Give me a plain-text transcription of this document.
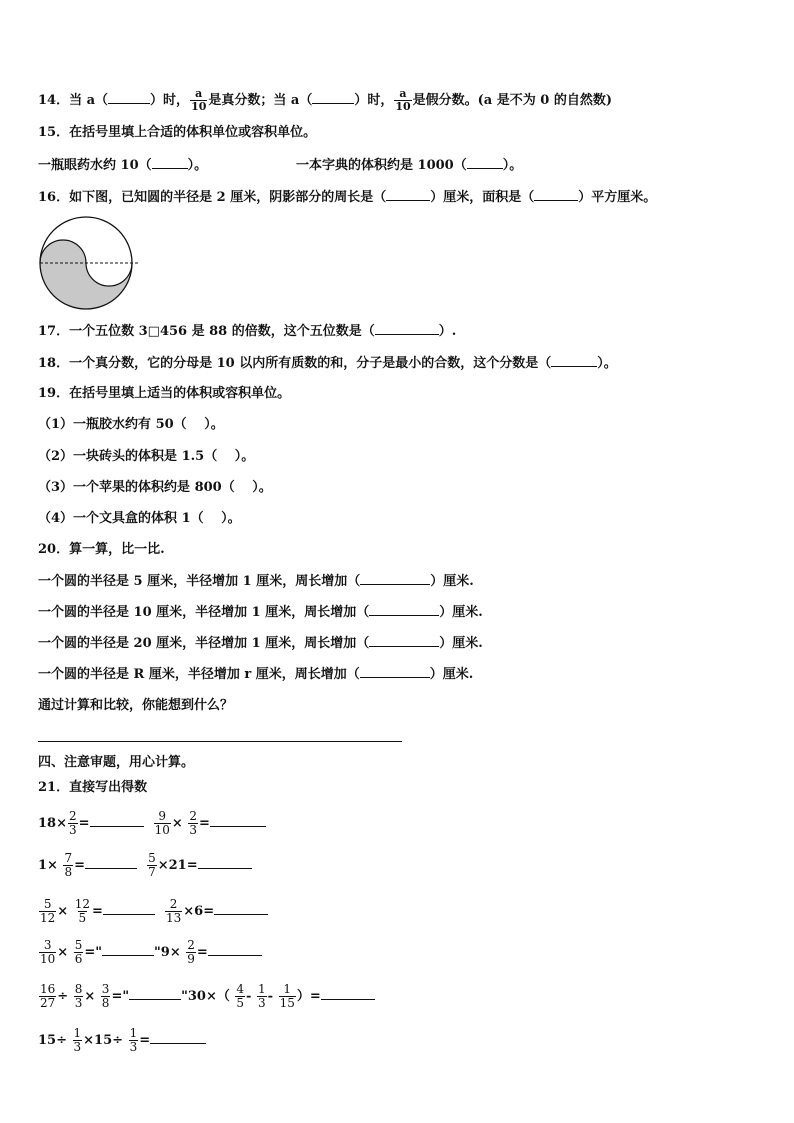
14．当 a（	）时， $\frac{a}{10}$ 是真分数；当 a（	）时， $\frac{a}{10}$ 是假分数。(a 是不为 0 的自然数)
15．在括号里填上合适的体积单位或容积单位。
一瓶眼药水约 10（	）。	一本字典的体积约是 1000（	）。
16．如下图，已知圆的半径是 2 厘米，阴影部分的周长是（	）厘米，面积是（	）平方厘米。
17．一个五位数 3□456 是 88 的倍数，这个五位数是（	）.
18．一个真分数，它的分母是 10 以内所有质数的和，分子是最小的合数，这个分数是（	）。
19．在括号里填上适当的体积或容积单位。
（1）一瓶胶水约有 50（　 ）。
（2）一块砖头的体积是 1.5（　 ）。
（3）一个苹果的体积约是 800（　 ）。
（4）一个文具盒的体积 1（　 ）。
20．算一算，比一比.
一个圆的半径是 5 厘米，半径增加 1 厘米，周长增加（	）厘米.
一个圆的半径是 10 厘米，半径增加 1 厘米，周长增加（	）厘米.
一个圆的半径是 20 厘米，半径增加 1 厘米，周长增加（	）厘米.
一个圆的半径是 R 厘米，半径增加 r 厘米，周长增加（	）厘米.
通过计算和比较，你能想到什么？
四、注意审题，用心计算。
21．直接写出得数
$18\times \frac{2}{3}$ =	$\frac{9}{10} \times \frac{2}{3}$ =
$1\times \frac{7}{8}$ =	$\frac{5}{7} \times 21=$
$\frac{5}{12} \times \frac{12}{5}$ =	$\frac{2}{13} \times 6=$
$\frac{3}{10} \times \frac{5}{6}$ ="	"$9\times \frac{2}{9}$ =
$\frac{16}{27} \div \frac{8}{3} \times \frac{3}{8}$ ="	"$30\times( \frac{4}{5} - \frac{1}{3} - \frac{1}{15}$ ）=
$15\div \frac{1}{3} \times 15\div \frac{1}{3}$ =
